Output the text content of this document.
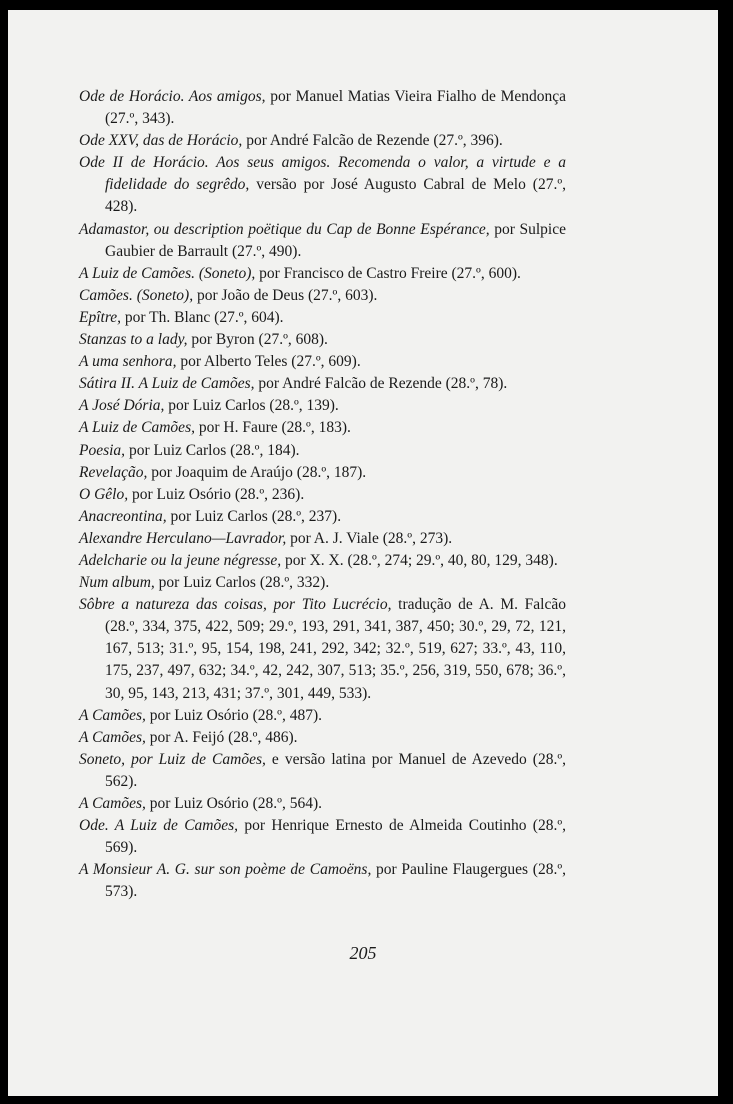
Ode de Horácio. Aos amigos, por Manuel Matias Vieira Fialho de Mendonça (27.º, 343).
Ode XXV, das de Horácio, por André Falcão de Rezende (27.º, 396).
Ode II de Horácio. Aos seus amigos. Recomenda o valor, a virtude e a fidelidade do segrêdo, versão por José Augusto Cabral de Melo (27.º, 428).
Adamastor, ou description poëtique du Cap de Bonne Espérance, por Sulpice Gaubier de Barrault (27.º, 490).
A Luiz de Camões. (Soneto), por Francisco de Castro Freire (27.º, 600).
Camões. (Soneto), por João de Deus (27.º, 603).
Epître, por Th. Blanc (27.º, 604).
Stanzas to a lady, por Byron (27.º, 608).
A uma senhora, por Alberto Teles (27.º, 609).
Sátira II. A Luiz de Camões, por André Falcão de Rezende (28.º, 78).
A José Dória, por Luiz Carlos (28.º, 139).
A Luiz de Camões, por H. Faure (28.º, 183).
Poesia, por Luiz Carlos (28.º, 184).
Revelação, por Joaquim de Araújo (28.º, 187).
O Gêlo, por Luiz Osório (28.º, 236).
Anacreontina, por Luiz Carlos (28.º, 237).
Alexandre Herculano—Lavrador, por A. J. Viale (28.º, 273).
Adelcharie ou la jeune négresse, por X. X. (28.º, 274; 29.º, 40, 80, 129, 348).
Num album, por Luiz Carlos (28.º, 332).
Sôbre a natureza das coisas, por Tito Lucrécio, tradução de A. M. Falcão (28.º, 334, 375, 422, 509; 29.º, 193, 291, 341, 387, 450; 30.º, 29, 72, 121, 167, 513; 31.º, 95, 154, 198, 241, 292, 342; 32.º, 519, 627; 33.º, 43, 110, 175, 237, 497, 632; 34.º, 42, 242, 307, 513; 35.º, 256, 319, 550, 678; 36.º, 30, 95, 143, 213, 431; 37.º, 301, 449, 533).
A Camões, por Luiz Osório (28.º, 487).
A Camões, por A. Feijó (28.º, 486).
Soneto, por Luiz de Camões, e versão latina por Manuel de Azevedo (28.º, 562).
A Camões, por Luiz Osório (28.º, 564).
Ode. A Luiz de Camões, por Henrique Ernesto de Almeida Coutinho (28.º, 569).
A Monsieur A. G. sur son poème de Camoëns, por Pauline Flaugergues (28.º, 573).
205
